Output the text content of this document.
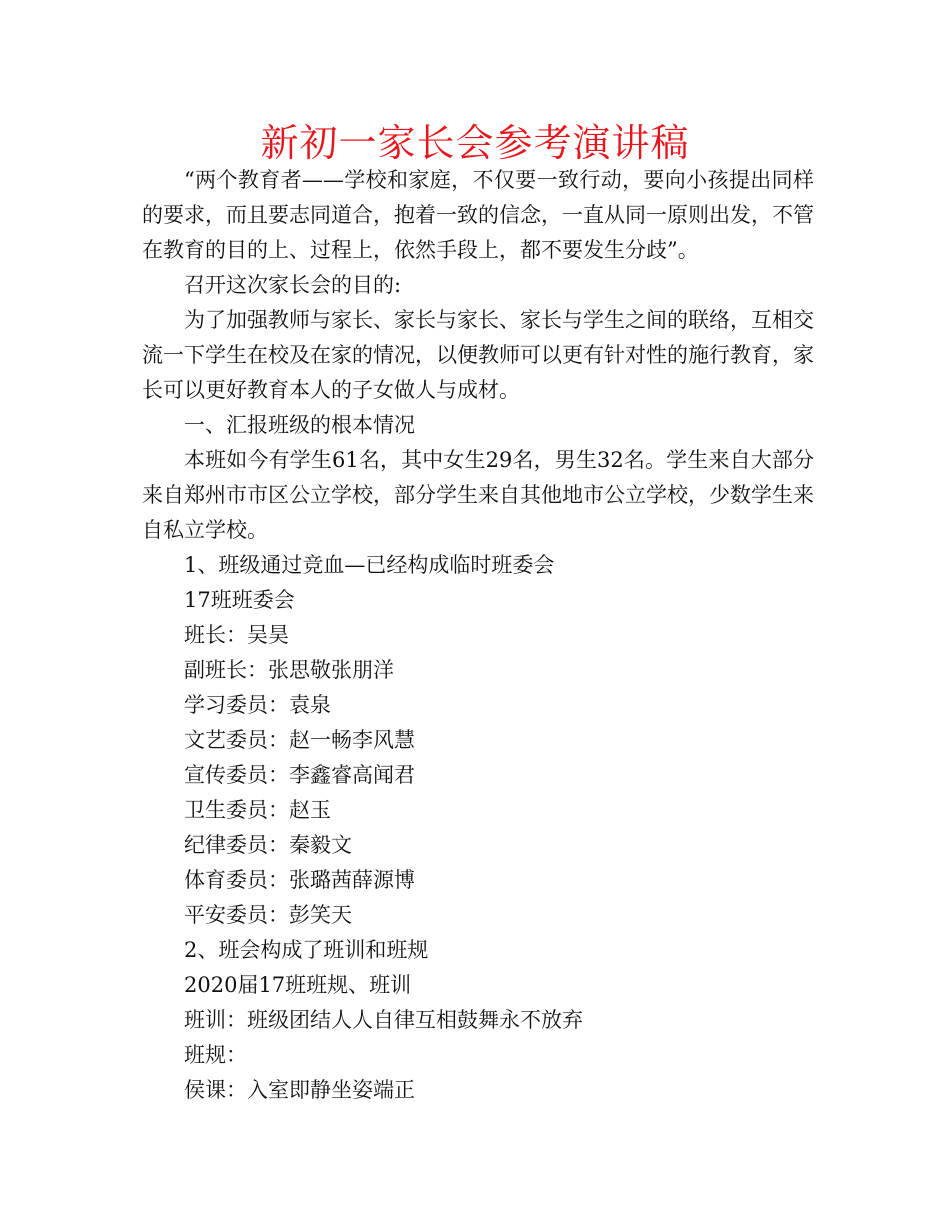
新初一家长会参考演讲稿

“两个教育者——学校和家庭，不仅要一致行动，要向小孩提出同样的要求，而且要志同道合，抱着一致的信念，一直从同一原则出发，不管在教育的目的上、过程上，依然手段上，都不要发生分歧”。

召开这次家长会的目的:

为了加强教师与家长、家长与家长、家长与学生之间的联络，互相交流一下学生在校及在家的情况，以便教师可以更有针对性的施行教育，家长可以更好教育本人的子女做人与成材。

一、汇报班级的根本情况

本班如今有学生61名，其中女生29名，男生32名。学生来自大部分来自郑州市市区公立学校，部分学生来自其他地市公立学校，少数学生来自私立学校。

1、班级通过竞血—已经构成临时班委会

17班班委会

班长：吴昊

副班长：张思敬张朋洋

学习委员：袁泉

文艺委员：赵一畅李风慧

宣传委员：李鑫睿高闻君

卫生委员：赵玉

纪律委员：秦毅文

体育委员：张璐茜薛源博

平安委员：彭笑天

2、班会构成了班训和班规

2020届17班班规、班训

班训：班级团结人人自律互相鼓舞永不放弃

班规：

侯课：入室即静坐姿端正
